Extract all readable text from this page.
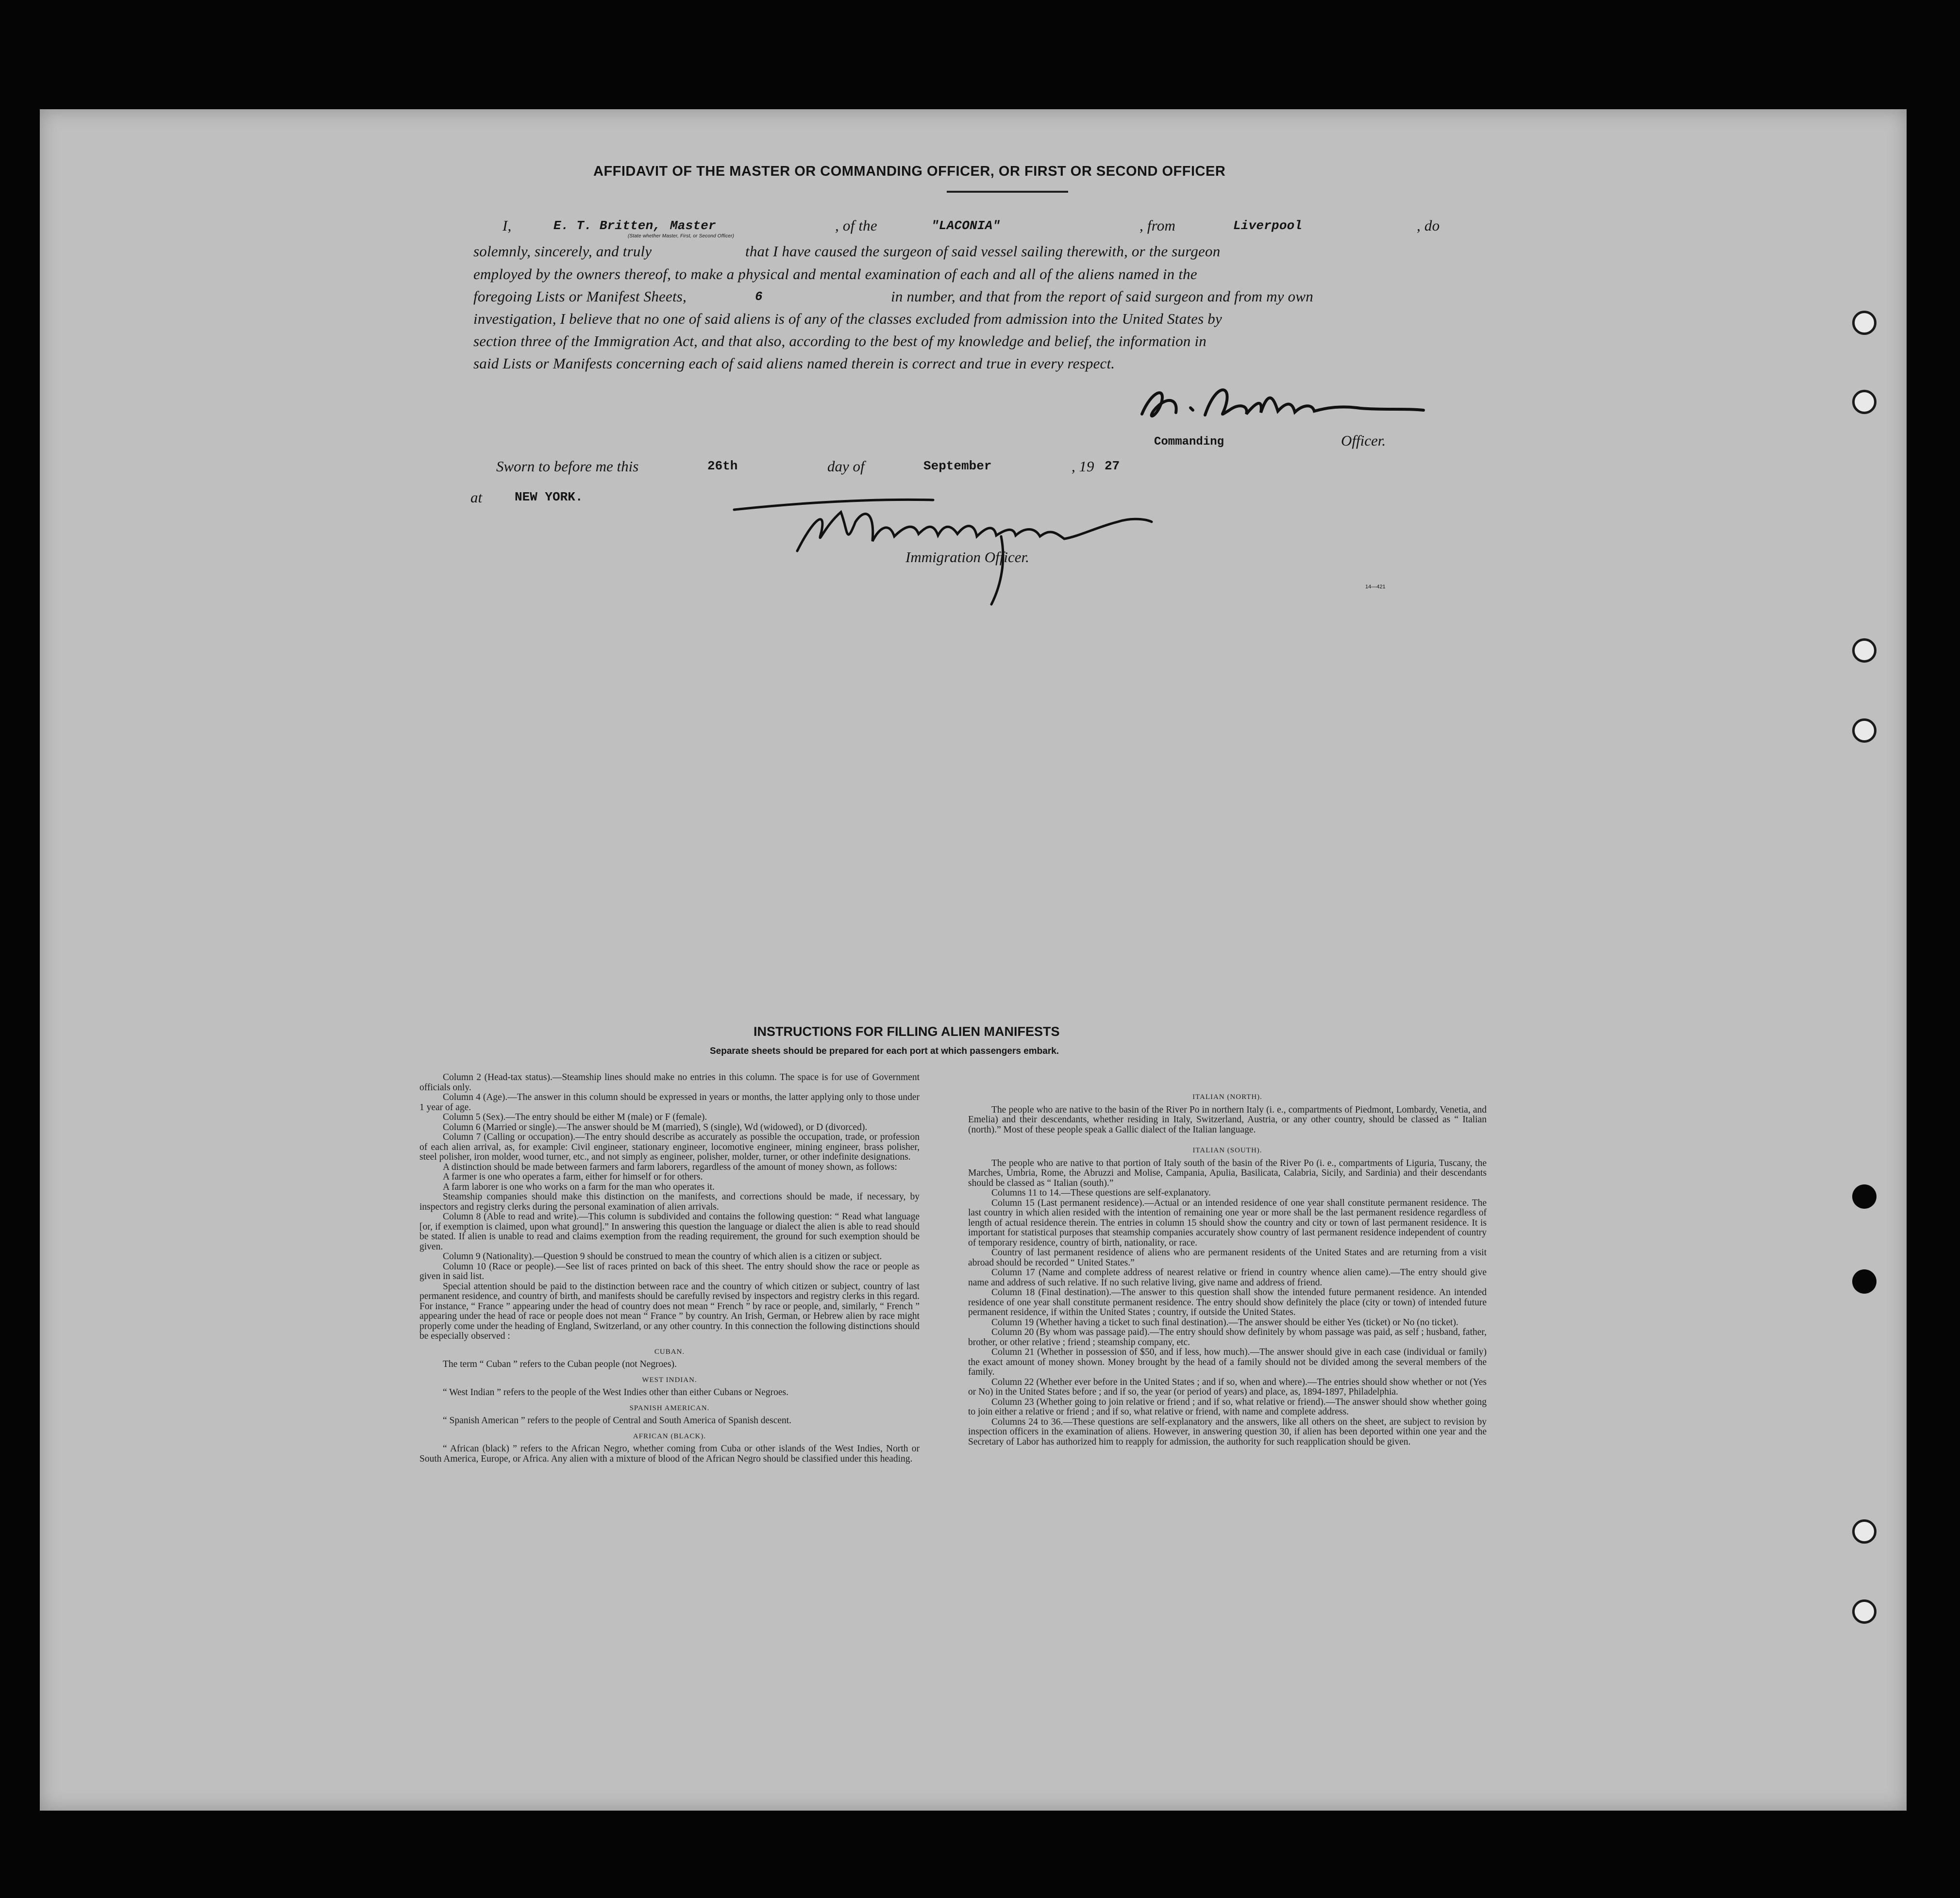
AFFIDAVIT OF THE MASTER OR COMMANDING OFFICER, OR FIRST OR SECOND OFFICER
I,	E. T. Britten, Master
(State whether Master, First, or Second Officer)
, of the	"LACONIA"	, from	Liverpool	, do
solemnly, sincerely, and truly	that I have caused the surgeon of said vessel sailing therewith, or the surgeon
employed by the owners thereof, to make a physical and mental examination of each and all of the aliens named in the
foregoing Lists or Manifest Sheets,	6	in number, and that from the report of said surgeon and from my own
investigation, I believe that no one of said aliens is of any of the classes excluded from admission into the United States by
section three of the Immigration Act, and that also, according to the best of my knowledge and belief, the information in
said Lists or Manifests concerning each of said aliens named therein is correct and true in every respect.
Commanding	Officer.
Sworn to before me this	26th	day of	September	, 19 27
at	NEW YORK.
Immigration Officer.
14—421
INSTRUCTIONS FOR FILLING ALIEN MANIFESTS
Separate sheets should be prepared for each port at which passengers embark.

Column 2 (Head-tax status).—Steamship lines should make no entries in this column. The space is for use of Government officials only.

Column 4 (Age).—The answer in this column should be expressed in years or months, the latter applying only to those under 1 year of age.

Column 5 (Sex).—The entry should be either M (male) or F (female).

Column 6 (Married or single).—The answer should be M (married), S (single), Wd (widowed), or D (divorced).

Column 7 (Calling or occupation).—The entry should describe as accurately as possible the occupation, trade, or profession of each alien arrival, as, for example: Civil engineer, stationary engineer, locomotive engineer, mining engineer, brass polisher, steel polisher, iron molder, wood turner, etc., and not simply as engineer, polisher, molder, turner, or other indefinite designations.

A distinction should be made between farmers and farm laborers, regardless of the amount of money shown, as follows:

A farmer is one who operates a farm, either for himself or for others.

A farm laborer is one who works on a farm for the man who operates it.

Steamship companies should make this distinction on the manifests, and corrections should be made, if necessary, by inspectors and registry clerks during the personal examination of alien arrivals.

Column 8 (Able to read and write).—This column is subdivided and contains the following question: “ Read what language [or, if exemption is claimed, upon what ground].” In answering this question the language or dialect the alien is able to read should be stated. If alien is unable to read and claims exemption from the reading requirement, the ground for such exemption should be given.

Column 9 (Nationality).—Question 9 should be construed to mean the country of which alien is a citizen or subject.

Column 10 (Race or people).—See list of races printed on back of this sheet. The entry should show the race or people as given in said list.

Special attention should be paid to the distinction between race and the country of which citizen or subject, country of last permanent residence, and country of birth, and manifests should be carefully revised by inspectors and registry clerks in this regard. For instance, “ France ” appearing under the head of country does not mean “ French ” by race or people, and, similarly, “ French ” appearing under the head of race or people does not mean “ France ” by country. An Irish, German, or Hebrew alien by race might properly come under the heading of England, Switzerland, or any other country. In this connection the following distinctions should be especially observed :

CUBAN.

The term “ Cuban ” refers to the Cuban people (not Negroes).

WEST INDIAN.

“ West Indian ” refers to the people of the West Indies other than either Cubans or Negroes.

SPANISH AMERICAN.

“ Spanish American ” refers to the people of Central and South America of Spanish descent.

AFRICAN (BLACK).

“ African (black) ” refers to the African Negro, whether coming from Cuba or other islands of the West Indies, North or South America, Europe, or Africa. Any alien with a mixture of blood of the African Negro should be classified under this heading.

ITALIAN (NORTH).

The people who are native to the basin of the River Po in northern Italy (i. e., compartments of Piedmont, Lombardy, Venetia, and Emelia) and their descendants, whether residing in Italy, Switzerland, Austria, or any other country, should be classed as “ Italian (north).” Most of these people speak a Gallic dialect of the Italian language.

ITALIAN (SOUTH).

The people who are native to that portion of Italy south of the basin of the River Po (i. e., compartments of Liguria, Tuscany, the Marches, Umbria, Rome, the Abruzzi and Molise, Campania, Apulia, Basilicata, Calabria, Sicily, and Sardinia) and their descendants should be classed as “ Italian (south).”

Columns 11 to 14.—These questions are self-explanatory.

Column 15 (Last permanent residence).—Actual or an intended residence of one year shall constitute permanent residence. The last country in which alien resided with the intention of remaining one year or more shall be the last permanent residence regardless of length of actual residence therein. The entries in column 15 should show the country and city or town of last permanent residence. It is important for statistical purposes that steamship companies accurately show country of last permanent residence independent of country of temporary residence, country of birth, nationality, or race.

Country of last permanent residence of aliens who are permanent residents of the United States and are returning from a visit abroad should be recorded “ United States.”

Column 17 (Name and complete address of nearest relative or friend in country whence alien came).—The entry should give name and address of such relative. If no such relative living, give name and address of friend.

Column 18 (Final destination).—The answer to this question shall show the intended future permanent residence. An intended residence of one year shall constitute permanent residence. The entry should show definitely the place (city or town) of intended future permanent residence, if within the United States ; country, if outside the United States.

Column 19 (Whether having a ticket to such final destination).—The answer should be either Yes (ticket) or No (no ticket).

Column 20 (By whom was passage paid).—The entry should show definitely by whom passage was paid, as self ; husband, father, brother, or other relative ; friend ; steamship company, etc.

Column 21 (Whether in possession of $50, and if less, how much).—The answer should give in each case (individual or family) the exact amount of money shown. Money brought by the head of a family should not be divided among the several members of the family.

Column 22 (Whether ever before in the United States ; and if so, when and where).—The entries should show whether or not (Yes or No) in the United States before ; and if so, the year (or period of years) and place, as, 1894-1897, Philadelphia.

Column 23 (Whether going to join relative or friend ; and if so, what relative or friend).—The answer should show whether going to join either a relative or friend ; and if so, what relative or friend, with name and complete address.

Columns 24 to 36.—These questions are self-explanatory and the answers, like all others on the sheet, are subject to revision by inspection officers in the examination of aliens. However, in answering question 30, if alien has been deported within one year and the Secretary of Labor has authorized him to reapply for admission, the authority for such reapplication should be given.
